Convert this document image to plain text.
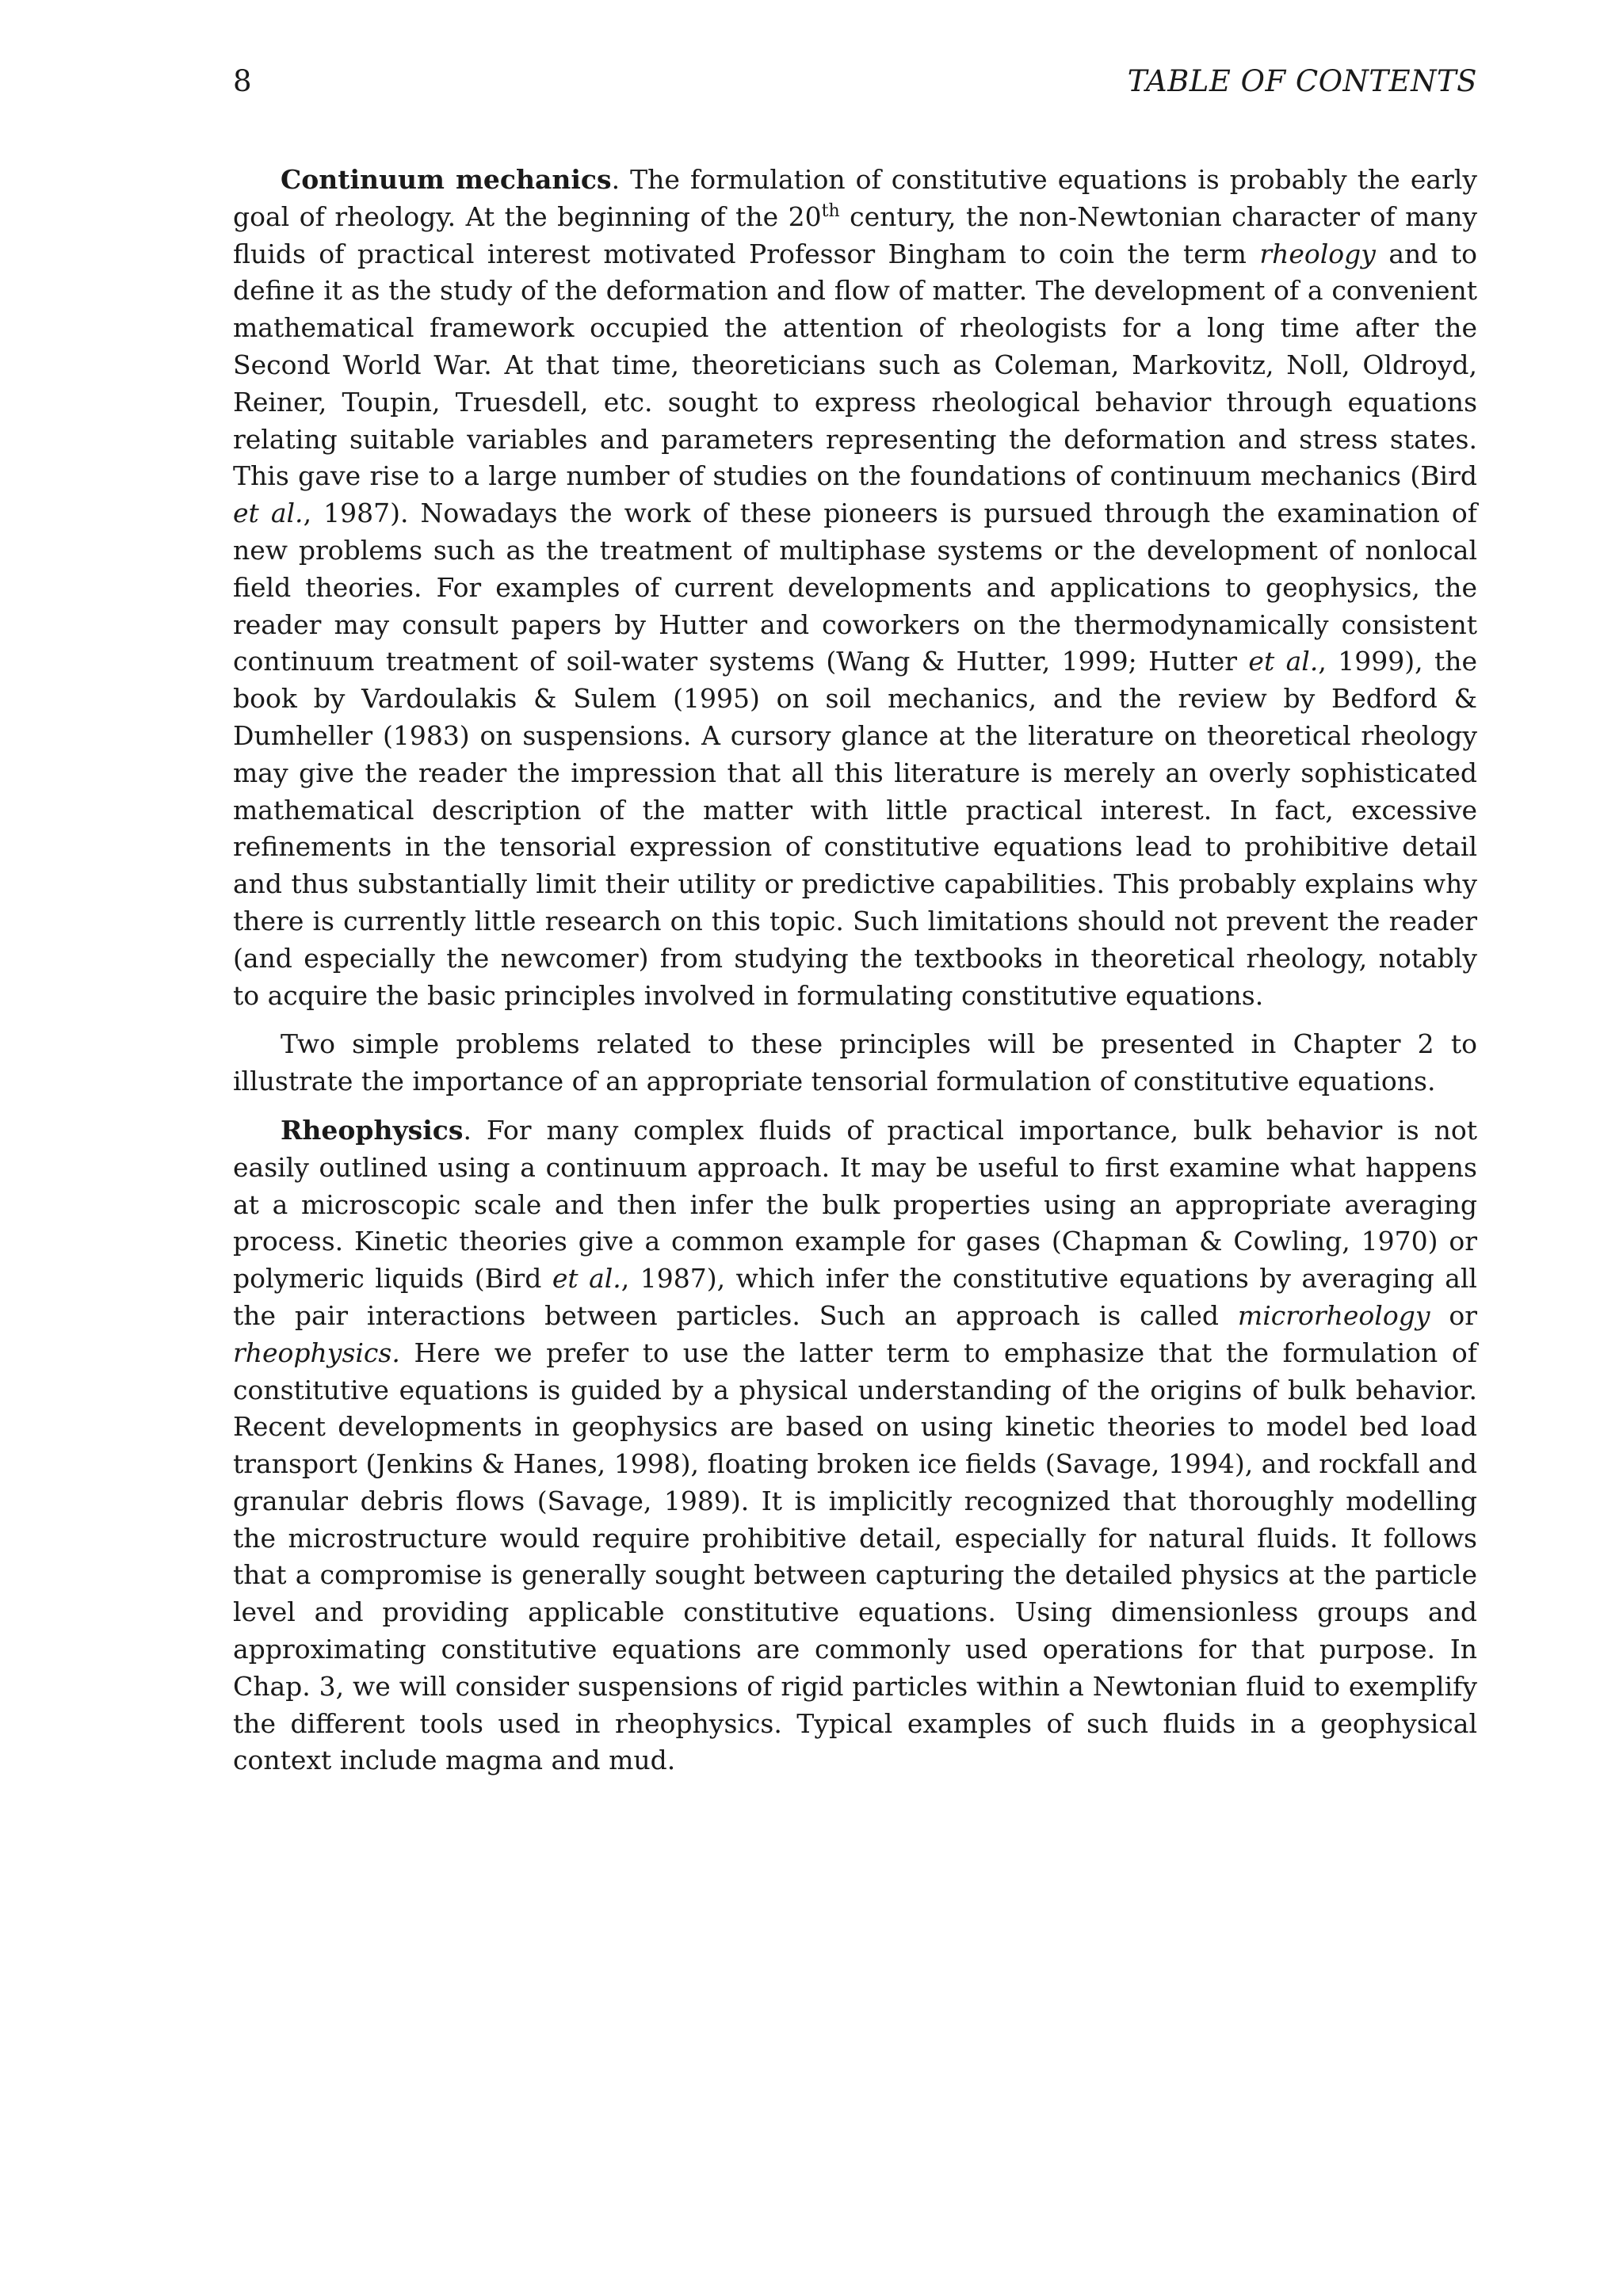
8	TABLE OF CONTENTS

Continuum mechanics. The formulation of constitutive equations is probably the early goal of rheology. At the beginning of the 20th century, the non-Newtonian character of many fluids of practical interest motivated Professor Bingham to coin the term rheology and to define it as the study of the deformation and flow of matter. The development of a convenient mathematical framework occupied the attention of rheologists for a long time after the Second World War. At that time, theoreticians such as Coleman, Markovitz, Noll, Oldroyd, Reiner, Toupin, Truesdell, etc. sought to express rheological behavior through equations relating suitable variables and parameters representing the deformation and stress states. This gave rise to a large number of studies on the foundations of continuum mechanics (Bird et al., 1987). Nowadays the work of these pioneers is pursued through the examination of new problems such as the treatment of multiphase systems or the development of nonlocal field theories. For examples of current developments and applications to geophysics, the reader may consult papers by Hutter and coworkers on the thermodynamically consistent continuum treatment of soil-water systems (Wang & Hutter, 1999; Hutter et al., 1999), the book by Vardoulakis & Sulem (1995) on soil mechanics, and the review by Bedford & Dumheller (1983) on suspensions. A cursory glance at the literature on theoretical rheology may give the reader the impression that all this literature is merely an overly sophisticated mathematical description of the matter with little practical interest. In fact, excessive refinements in the tensorial expression of constitutive equations lead to prohibitive detail and thus substantially limit their utility or predictive capabilities. This probably explains why there is currently little research on this topic. Such limitations should not prevent the reader (and especially the newcomer) from studying the textbooks in theoretical rheology, notably to acquire the basic principles involved in formulating constitutive equations.

Two simple problems related to these principles will be presented in Chapter 2 to illustrate the importance of an appropriate tensorial formulation of constitutive equations.

Rheophysics. For many complex fluids of practical importance, bulk behavior is not easily outlined using a continuum approach. It may be useful to first examine what happens at a microscopic scale and then infer the bulk properties using an appropriate averaging process. Kinetic theories give a common example for gases (Chapman & Cowling, 1970) or polymeric liquids (Bird et al., 1987), which infer the constitutive equations by averaging all the pair interactions between particles. Such an approach is called microrheology or rheophysics. Here we prefer to use the latter term to emphasize that the formulation of constitutive equations is guided by a physical understanding of the origins of bulk behavior. Recent developments in geophysics are based on using kinetic theories to model bed load transport (Jenkins & Hanes, 1998), floating broken ice fields (Savage, 1994), and rockfall and granular debris flows (Savage, 1989). It is implicitly recognized that thoroughly modelling the microstructure would require prohibitive detail, especially for natural fluids. It follows that a compromise is generally sought between capturing the detailed physics at the particle level and providing applicable constitutive equations. Using dimensionless groups and approximating constitutive equations are commonly used operations for that purpose. In Chap. 3, we will consider suspensions of rigid particles within a Newtonian fluid to exemplify the different tools used in rheophysics. Typical examples of such fluids in a geophysical context include magma and mud.
